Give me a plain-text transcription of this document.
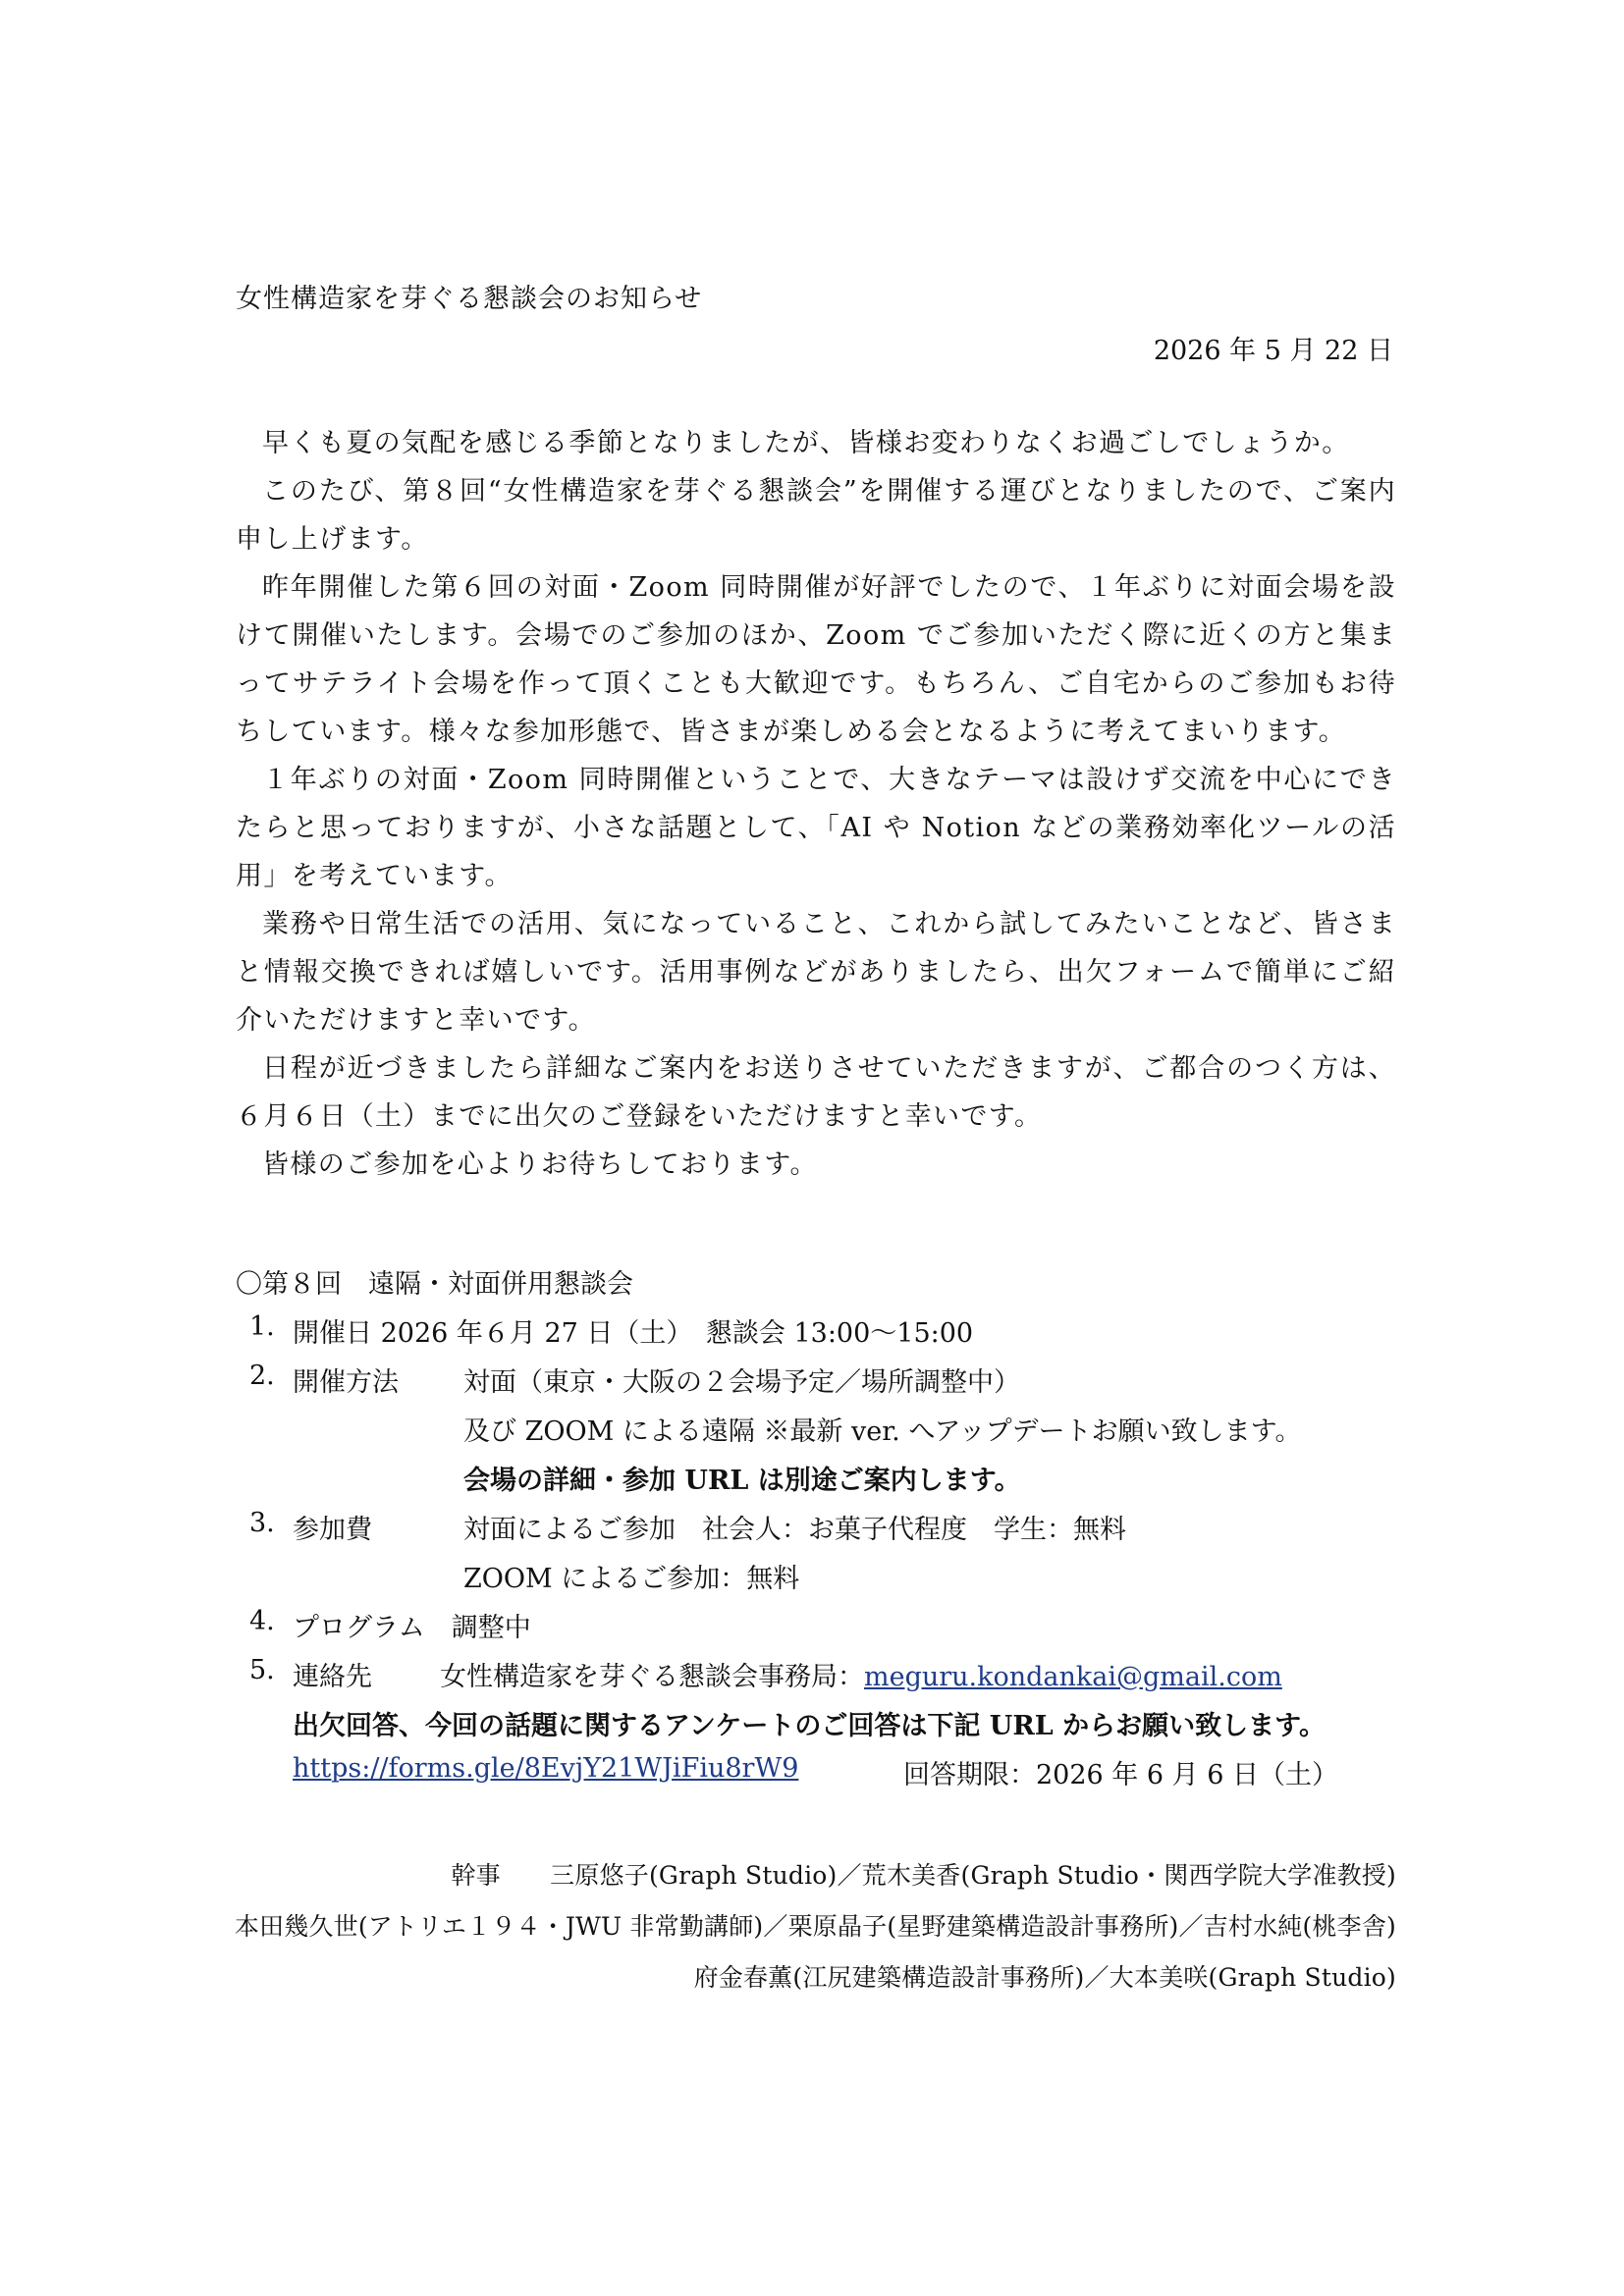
女性構造家を芽ぐる懇談会のお知らせ
2026 年 5 月 22 日

早くも夏の気配を感じる季節となりましたが、皆様お変わりなくお過ごしでしょうか。

このたび、第８回“女性構造家を芽ぐる懇談会”を開催する運びとなりましたので、ご案内申し上げます。

昨年開催した第６回の対面・Zoom 同時開催が好評でしたので、１年ぶりに対面会場を設けて開催いたします。会場でのご参加のほか、Zoom でご参加いただく際に近くの方と集まってサテライト会場を作って頂くことも大歓迎です。もちろん、ご自宅からのご参加もお待ちしています。様々な参加形態で、皆さまが楽しめる会となるように考えてまいります。

１年ぶりの対面・Zoom 同時開催ということで、大きなテーマは設けず交流を中心にできたらと思っておりますが、小さな話題として、「AI や Notion などの業務効率化ツールの活用」を考えています。

業務や日常生活での活用、気になっていること、これから試してみたいことなど、皆さまと情報交換できれば嬉しいです。活用事例などがありましたら、出欠フォームで簡単にご紹介いただけますと幸いです。

日程が近づきましたら詳細なご案内をお送りさせていただきますが、ご都合のつく方は、６月６日（土）までに出欠のご登録をいただけますと幸いです。

皆様のご参加を心よりお待ちしております。

〇第８回　遠隔・対面併用懇談会
1. 開催日 2026 年６月 27 日（土）　懇談会 13:00～15:00
2. 開催方法 対面（東京・大阪の２会場予定／場所調整中）
及び ZOOM による遠隔 ※最新 ver. へアップデートお願い致します。
会場の詳細・参加 URL は別途ご案内します。
3. 参加費	対面によるご参加　社会人：お菓子代程度　学生：無料
ZOOM によるご参加：無料
4. プログラム　調整中
5. 連絡先	女性構造家を芽ぐる懇談会事務局：meguru.kondankai@gmail.com
出欠回答、今回の話題に関するアンケートのご回答は下記 URL からお願い致します。
https://forms.gle/8EvjY21WJiFiu8rW9	回答期限：2026 年 6 月 6 日（土）
幹事　　三原悠子(Graph Studio)／荒木美香(Graph Studio・関西学院大学准教授)
本田幾久世(アトリエ１９４・JWU 非常勤講師)／栗原晶子(星野建築構造設計事務所)／吉村水純(桃李舎)
府金春薫(江尻建築構造設計事務所)／大本美咲(Graph Studio)
